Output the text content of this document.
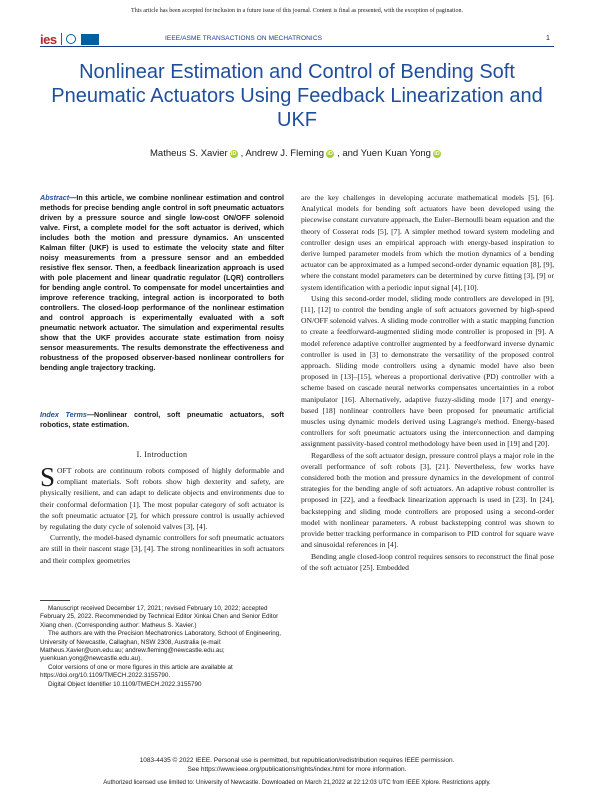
This article has been accepted for inclusion in a future issue of this journal. Content is final as presented, with the exception of pagination.
ies	IEEE/ASME TRANSACTIONS ON MECHATRONICS	1
Nonlinear Estimation and Control of Bending Soft Pneumatic Actuators Using Feedback Linearization and UKF
Matheus S. Xavier iD , Andrew J. Fleming iD , and Yuen Kuan Yong iD
Abstract—In this article, we combine nonlinear estimation and control methods for precise bending angle control in soft pneumatic actuators driven by a pressure source and single low-cost ON/OFF solenoid valve. First, a complete model for the soft actuator is derived, which includes both the motion and pressure dynamics. An unscented Kalman filter (UKF) is used to estimate the velocity state and filter noisy measurements from a pressure sensor and an embedded resistive flex sensor. Then, a feedback linearization approach is used with pole placement and linear quadratic regulator (LQR) controllers for bending angle control. To compensate for model uncertainties and improve reference tracking, integral action is incorporated to both controllers. The closed-loop performance of the nonlinear estimation and control approach is experimentally evaluated with a soft pneumatic network actuator. The simulation and experimental results show that the UKF provides accurate state estimation from noisy sensor measurements. The results demonstrate the effectiveness and robustness of the proposed observer-based nonlinear controllers for bending angle trajectory tracking.
Index Terms—Nonlinear control, soft pneumatic actuators, soft robotics, state estimation.
I. Introduction

SOFT robots are continuum robots composed of highly deformable and compliant materials. Soft robots show high dexterity and safety, are physically resilient, and can adapt to delicate objects and environments due to their conformal deformation [1]. The most popular category of soft actuator is the soft pneumatic actuator [2], for which pressure control is usually achieved by regulating the duty cycle of solenoid valves [3], [4].

Currently, the model-based dynamic controllers for soft pneumatic actuators are still in their nascent stage [3], [4]. The strong nonlinearities in soft actuators and their complex geometries

Manuscript received December 17, 2021; revised February 10, 2022; accepted February 25, 2022. Recommended by Technical Editor Xinkai Chen and Senior Editor Xiang chen. (Corresponding author: Matheus S. Xavier.)

The authors are with the Precision Mechatronics Laboratory, School of Engineering, University of Newcastle, Callaghan, NSW 2308, Australia (e-mail: Matheus.Xavier@uon.edu.au; andrew.fleming@newcastle.edu.au; yuenkuan.yong@newcastle.edu.au).

Color versions of one or more figures in this article are available at https://doi.org/10.1109/TMECH.2022.3155790.

Digital Object Identifier 10.1109/TMECH.2022.3155790

are the key challenges in developing accurate mathematical models [5], [6]. Analytical models for bending soft actuators have been developed using the piecewise constant curvature approach, the Euler–Bernoulli beam equation and the theory of Cosserat rods [5], [7]. A simpler method toward system modeling and controller design uses an empirical approach with energy-based inspiration to derive lumped parameter models from which the motion dynamics of a bending actuator can be approximated as a lumped second-order dynamic equation [8], [9], where the constant model parameters can be determined by curve fitting [3], [9] or system identification with a periodic input signal [4], [10].

Using this second-order model, sliding mode controllers are developed in [9], [11], [12] to control the bending angle of soft actuators governed by high-speed ON/OFF solenoid valves. A sliding mode controller with a static mapping function to create a feedforward-augmented sliding mode controller is proposed in [9]. A model reference adaptive controller augmented by a feedforward inverse dynamic controller is used in [3] to demonstrate the versatility of the proposed control approach. Sliding mode controllers using a dynamic model have also been proposed in [13]–[15], whereas a proportional derivative (PD) controller with a scheme based on cascade neural networks compensates uncertainties in a robot manipulator [16]. Alternatively, adaptive fuzzy-sliding mode [17] and energy-based [18] nonlinear controllers have been proposed for pneumatic artificial muscles using dynamic models derived using Lagrange's method. Energy-based controllers for soft pneumatic actuators using the interconnection and damping assignment passivity-based control methodology have been used in [19] and [20].

Regardless of the soft actuator design, pressure control plays a major role in the overall performance of soft robots [3], [21]. Nevertheless, few works have considered both the motion and pressure dynamics in the development of control strategies for the bending angle of soft actuators. An adaptive robust controller is proposed in [22], and a feedback linearization approach is used in [23]. In [24], backstepping and sliding mode controllers are proposed using a second-order model with nonlinear parameters. A robust backstepping control was shown to provide better tracking performance in comparison to PID control for square wave and sinusoidal references in [4].

Bending angle closed-loop control requires sensors to reconstruct the final pose of the soft actuator [25]. Embedded

1083-4435 © 2022 IEEE. Personal use is permitted, but republication/redistribution requires IEEE permission.
See https://www.ieee.org/publications/rights/index.html for more information.
Authorized licensed use limited to: University of Newcastle. Downloaded on March 21,2022 at 22:12:03 UTC from IEEE Xplore. Restrictions apply.
